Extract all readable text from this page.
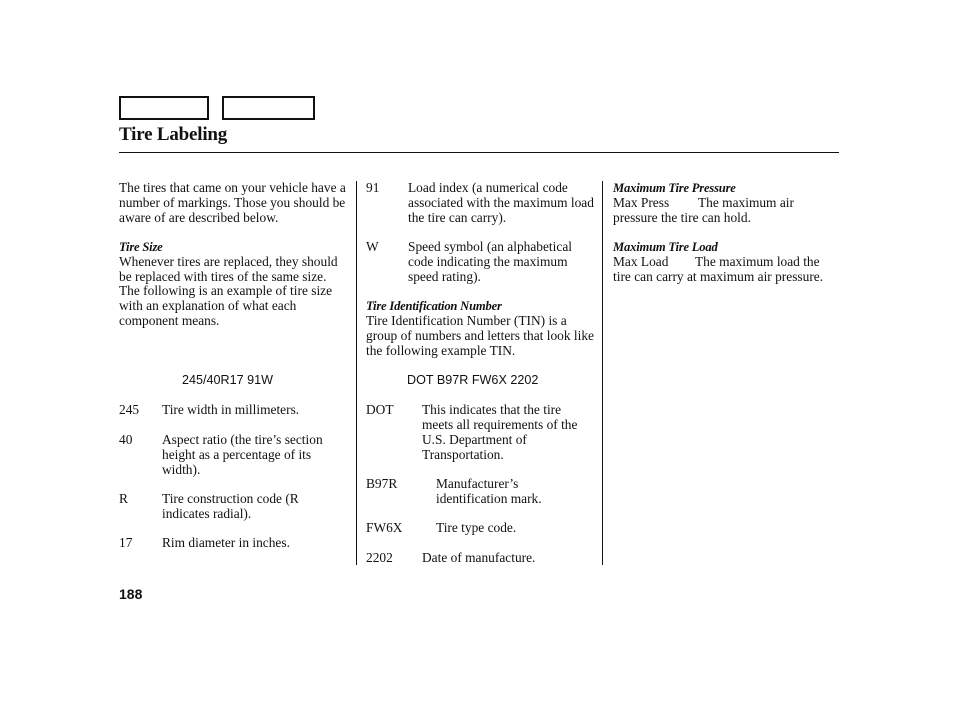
Tire Labeling

The tires that came on your vehicle have a number of markings. Those you should be aware of are described below.

Tire Size

Whenever tires are replaced, they should be replaced with tires of the same size. The following is an example of tire size with an explanation of what each component means.

245/40R17 91W
245 Tire width in millimeters.
40 Aspect ratio (the tire’s section height as a percentage of its width).
R	Tire construction code (R indicates radial).
17 Rim diameter in inches.
91 Load index (a numerical code associated with the maximum load the tire can carry).
W Speed symbol (an alphabetical code indicating the maximum speed rating).
Tire Identification Number

Tire Identification Number (TIN) is a group of numbers and letters that look like the following example TIN.

DOT B97R FW6X 2202
DOT This indicates that the tire meets all requirements of the U.S. Department of Transportation.
B97R	Manufacturer’s identification mark.
FW6X	Tire type code.
2202 Date of manufacture.
Maximum Tire Pressure
Max Press	The maximum air pressure the tire can hold.
Maximum Tire Load
Max Load	The maximum load the tire can carry at maximum air pressure.
188
